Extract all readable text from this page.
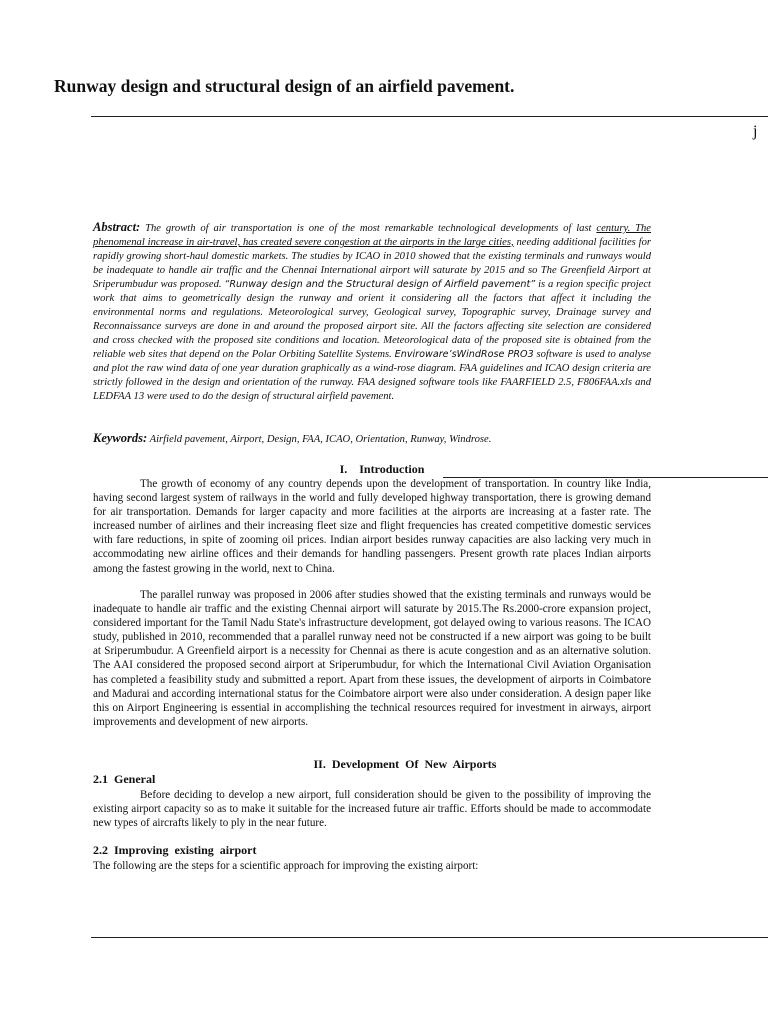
Runway design and structural design of an airfield pavement.
j
Abstract: The growth of air transportation is one of the most remarkable technological developments of last century. The phenomenal increase in air-travel, has created severe congestion at the airports in the large cities, needing additional facilities for rapidly growing short-haul domestic markets. The studies by ICAO in 2010 showed that the existing terminals and runways would be inadequate to handle air traffic and the Chennai International airport will saturate by 2015 and so The Greenfield Airport at Sriperumbudur was proposed. “Runway design and the Structural design of Airfield pavement” is a region specific project work that aims to geometrically design the runway and orient it considering all the factors that affect it including the environmental norms and regulations. Meteorological survey, Geological survey, Topographic survey, Drainage survey and Reconnaissance surveys are done in and around the proposed airport site. All the factors affecting site selection are considered and cross checked with the proposed site conditions and location. Meteorological data of the proposed site is obtained from the reliable web sites that depend on the Polar Orbiting Satellite Systems. Enviroware’sWindRose PRO3 software is used to analyse and plot the raw wind data of one year duration graphically as a wind-rose diagram. FAA guidelines and ICAO design criteria are strictly followed in the design and orientation of the runway. FAA designed software tools like FAARFIELD 2.5, F806FAA.xls and LEDFAA 13 were used to do the design of structural airfield pavement.
Keywords: Airfield pavement, Airport, Design, FAA, ICAO, Orientation, Runway, Windrose.
I.    Introduction
The growth of economy of any country depends upon the development of transportation. In country like India, having second largest system of railways in the world and fully developed highway transportation, there is growing demand for air transportation. Demands for larger capacity and more facilities at the airports are increasing at a faster rate. The increased number of airlines and their increasing fleet size and flight frequencies has created competitive domestic services with fare reductions, in spite of zooming oil prices. Indian airport besides runway capacities are also lacking very much in accommodating new airline offices and their demands for handling passengers. Present growth rate places Indian airports among the fastest growing in the world, next to China.
The parallel runway was proposed in 2006 after studies showed that the existing terminals and runways would be inadequate to handle air traffic and the existing Chennai airport will saturate by 2015.The Rs.2000-crore expansion project, considered important for the Tamil Nadu State's infrastructure development, got delayed owing to various reasons. The ICAO study, published in 2010, recommended that a parallel runway need not be constructed if a new airport was going to be built at Sriperumbudur. A Greenfield airport is a necessity for Chennai as there is acute congestion and as an alternative solution. The AAI considered the proposed second airport at Sriperumbudur, for which the International Civil Aviation Organisation has completed a feasibility study and submitted a report. Apart from these issues, the development of airports in Coimbatore and Madurai and according international status for the Coimbatore airport were also under consideration. A design paper like this on Airport Engineering is essential in accomplishing the technical resources required for investment in airways, airport improvements and development of new airports.
II.  Development  Of  New  Airports
2.1  General
Before deciding to develop a new airport, full consideration should be given to the possibility of improving the existing airport capacity so as to make it suitable for the increased future air traffic. Efforts should be made to accommodate new types of aircrafts likely to ply in the near future.
2.2  Improving  existing  airport
The following are the steps for a scientific approach for improving the existing airport:
